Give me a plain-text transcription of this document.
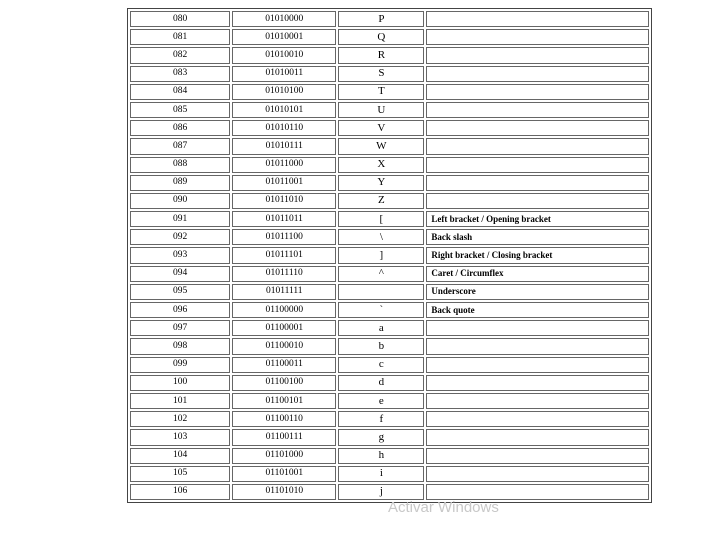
080	01010000	P	
081	01010001	Q	
082	01010010	R	
083	01010011	S	
084	01010100	T	
085	01010101	U	
086	01010110	V	
087	01010111	W	
088	01011000	X	
089	01011001	Y	
090	01011010	Z	
091	01011011	[	Left bracket / Opening bracket
092	01011100	\	Back slash
093	01011101	]	Right bracket / Closing bracket
094	01011110	^	Caret / Circumflex
095	01011111		Underscore
096	01100000	`	Back quote
097	01100001	a	
098	01100010	b	
099	01100011	c	
100	01100100	d	
101	01100101	e	
102	01100110	f	
103	01100111	g	
104	01101000	h	
105	01101001	i	
106	01101010	j	
Activar Windows
